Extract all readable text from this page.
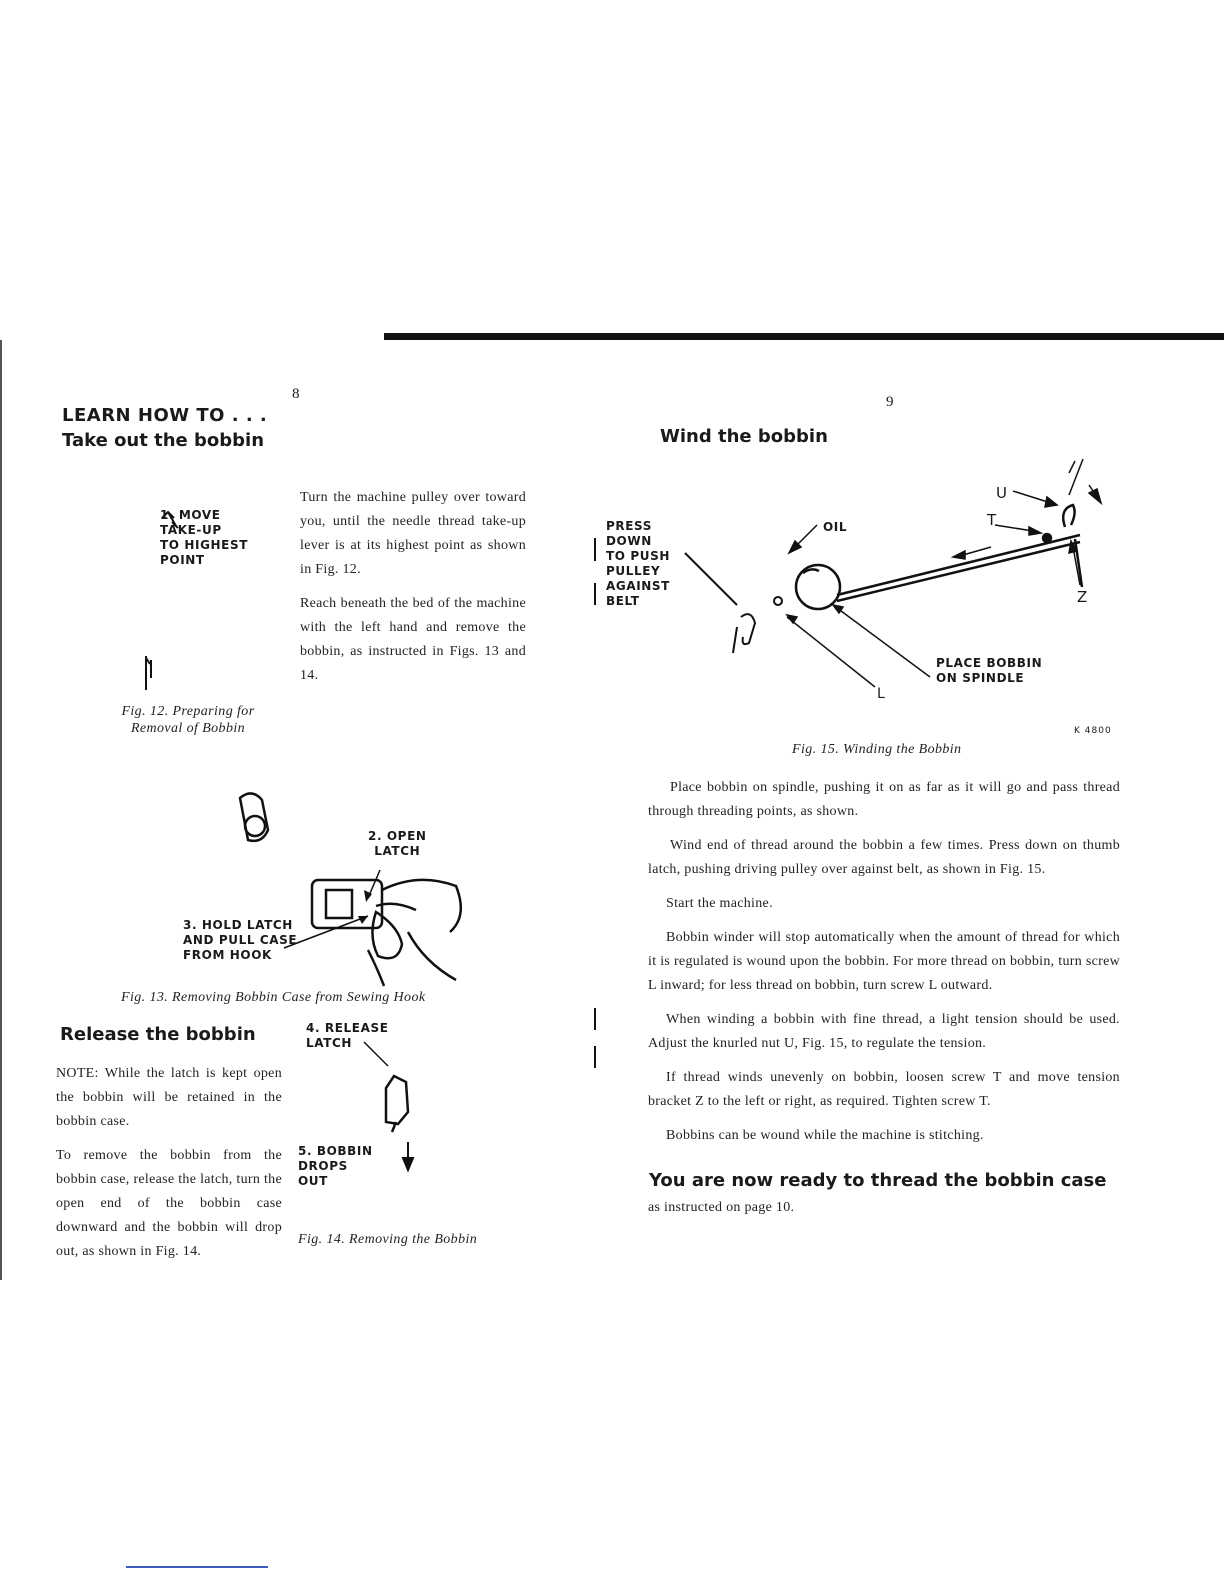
8
LEARN HOW TO . . .
Take out the bobbin
1. MOVE
TAKE-UP
TO HIGHEST
POINT

Turn the machine pulley over toward you, until the needle thread take-up lever is at its highest point as shown in Fig. 12.

Reach beneath the bed of the machine with the left hand and remove the bobbin, as instructed in Figs. 13 and 14.

Fig. 12. Preparing for
Removal of Bobbin
2. OPEN
LATCH
3. HOLD LATCH
AND PULL CASE
FROM HOOK
Fig. 13. Removing Bobbin Case from Sewing Hook
Release the bobbin

NOTE: While the latch is kept open the bobbin will be retained in the bobbin case.

To remove the bobbin from the bobbin case, release the latch, turn the open end of the bobbin case downward and the bobbin will drop out, as shown in Fig. 14.

4. RELEASE
LATCH
5. BOBBIN
DROPS
OUT
Fig. 14. Removing the Bobbin
9
Wind the bobbin
PRESS
DOWN
TO PUSH
PULLEY
AGAINST
BELT
OIL
U
T
Z
L
PLACE BOBBIN
ON SPINDLE
K 4800
Fig. 15. Winding the Bobbin

Place bobbin on spindle, pushing it on as far as it will go and pass thread through threading points, as shown.

Wind end of thread around the bobbin a few times. Press down on thumb latch, pushing driving pulley over against belt, as shown in Fig. 15.

Start the machine.

Bobbin winder will stop automatically when the amount of thread for which it is regulated is wound upon the bobbin. For more thread on bobbin, turn screw L inward; for less thread on bobbin, turn screw L outward.

When winding a bobbin with fine thread, a light tension should be used. Adjust the knurled nut U, Fig. 15, to regulate the tension.

If thread winds unevenly on bobbin, loosen screw T and move tension bracket Z to the left or right, as required. Tighten screw T.

Bobbins can be wound while the machine is stitching.

You are now ready to thread the bobbin case
as instructed on page 10.
